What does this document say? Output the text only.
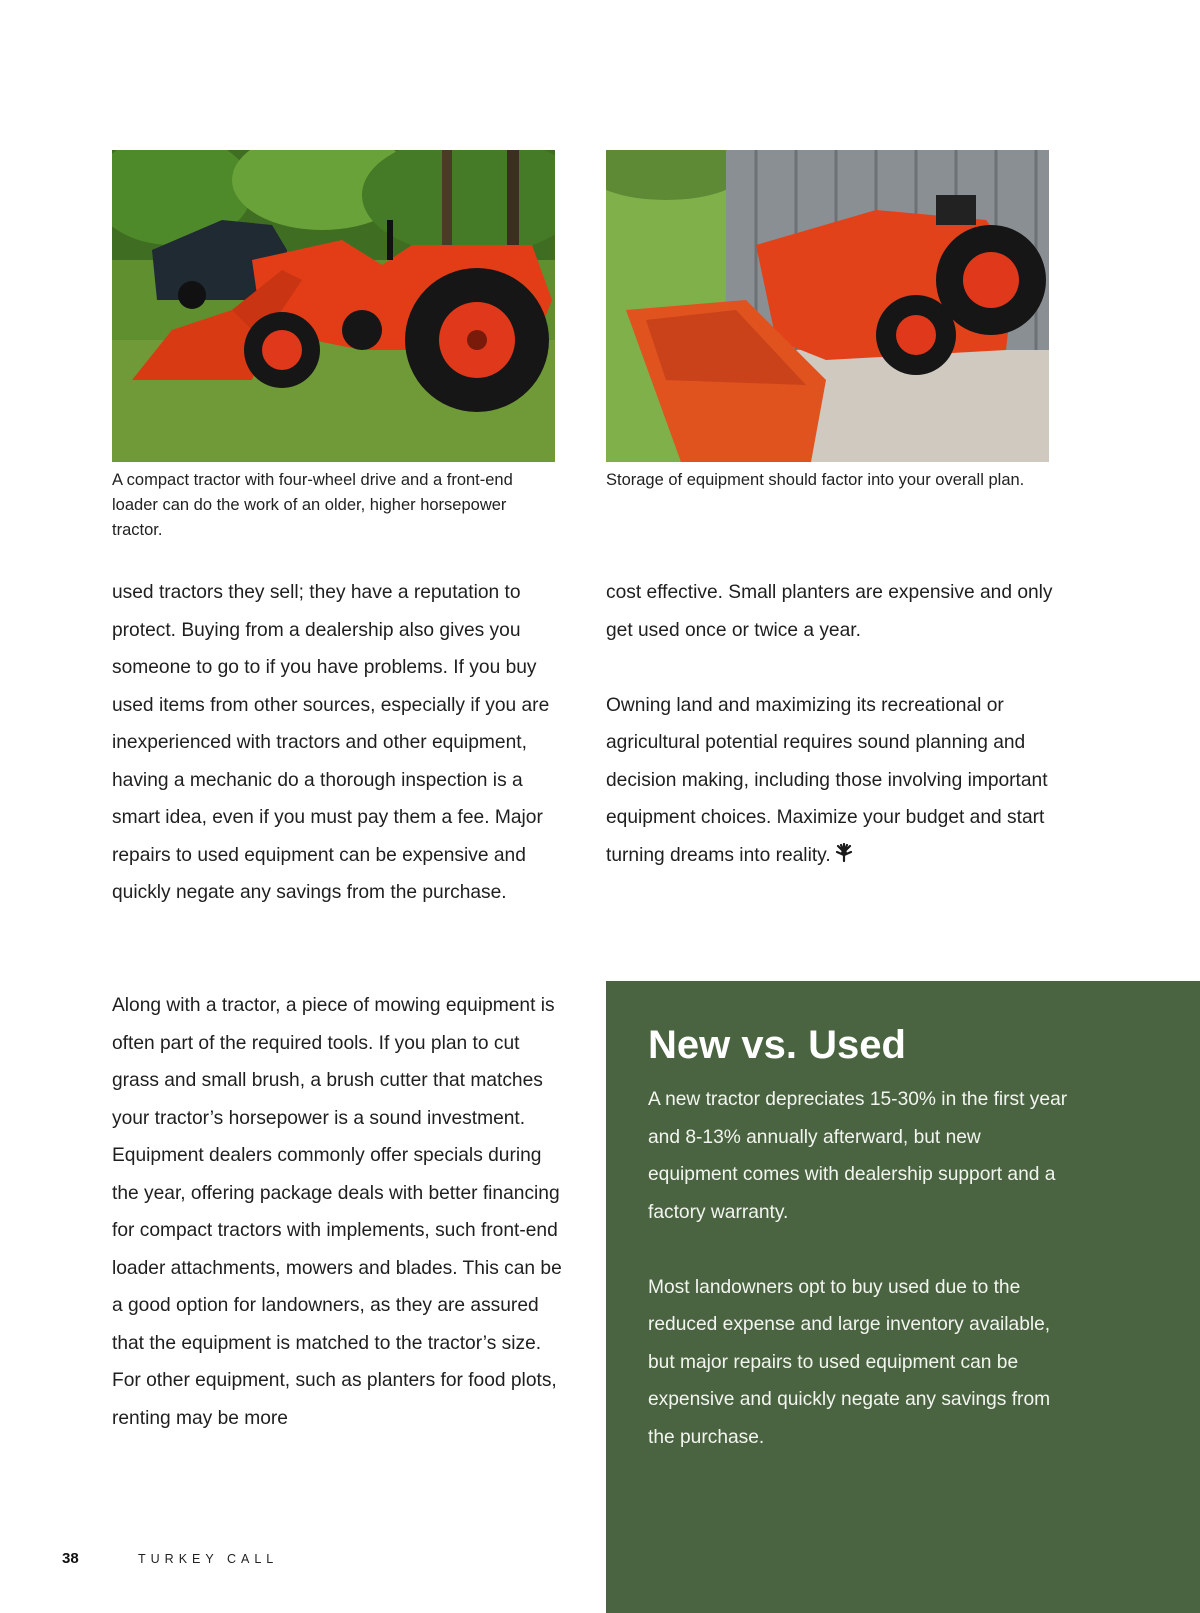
A compact tractor with four-wheel drive and a front-end loader can do the work of an older, higher horsepower tractor.

Storage of equipment should factor into your overall plan.

used tractors they sell; they have a reputation to protect. Buying from a dealership also gives you someone to go to if you have problems. If you buy used items from other sources, especially if you are inexperienced with tractors and other equipment, having a mechanic do a thorough inspection is a smart idea, even if you must pay them a fee. Major repairs to used equipment can be expensive and quickly negate any savings from the purchase.

Along with a tractor, a piece of mowing equipment is often part of the required tools. If you plan to cut grass and small brush, a brush cutter that matches your tractor’s horsepower is a sound investment. Equipment dealers commonly offer specials during the year, offering package deals with better financing for compact tractors with implements, such front-end loader attachments, mowers and blades. This can be a good option for landowners, as they are assured that the equipment is matched to the tractor’s size. For other equipment, such as planters for food plots, renting may be more

cost effective. Small planters are expensive and only get used once or twice a year.

Owning land and maximizing its recreational or agricultural potential requires sound planning and decision making, including those involving important equipment choices. Maximize your budget and start turning dreams into reality.

New vs. Used

A new tractor depreciates 15-30% in the first year and 8-13% annually afterward, but new equipment comes with dealership support and a factory warranty.

Most landowners opt to buy used due to the reduced expense and large inventory available, but major repairs to used equipment can be expensive and quickly negate any savings from the purchase.

38	TURKEY CALL
